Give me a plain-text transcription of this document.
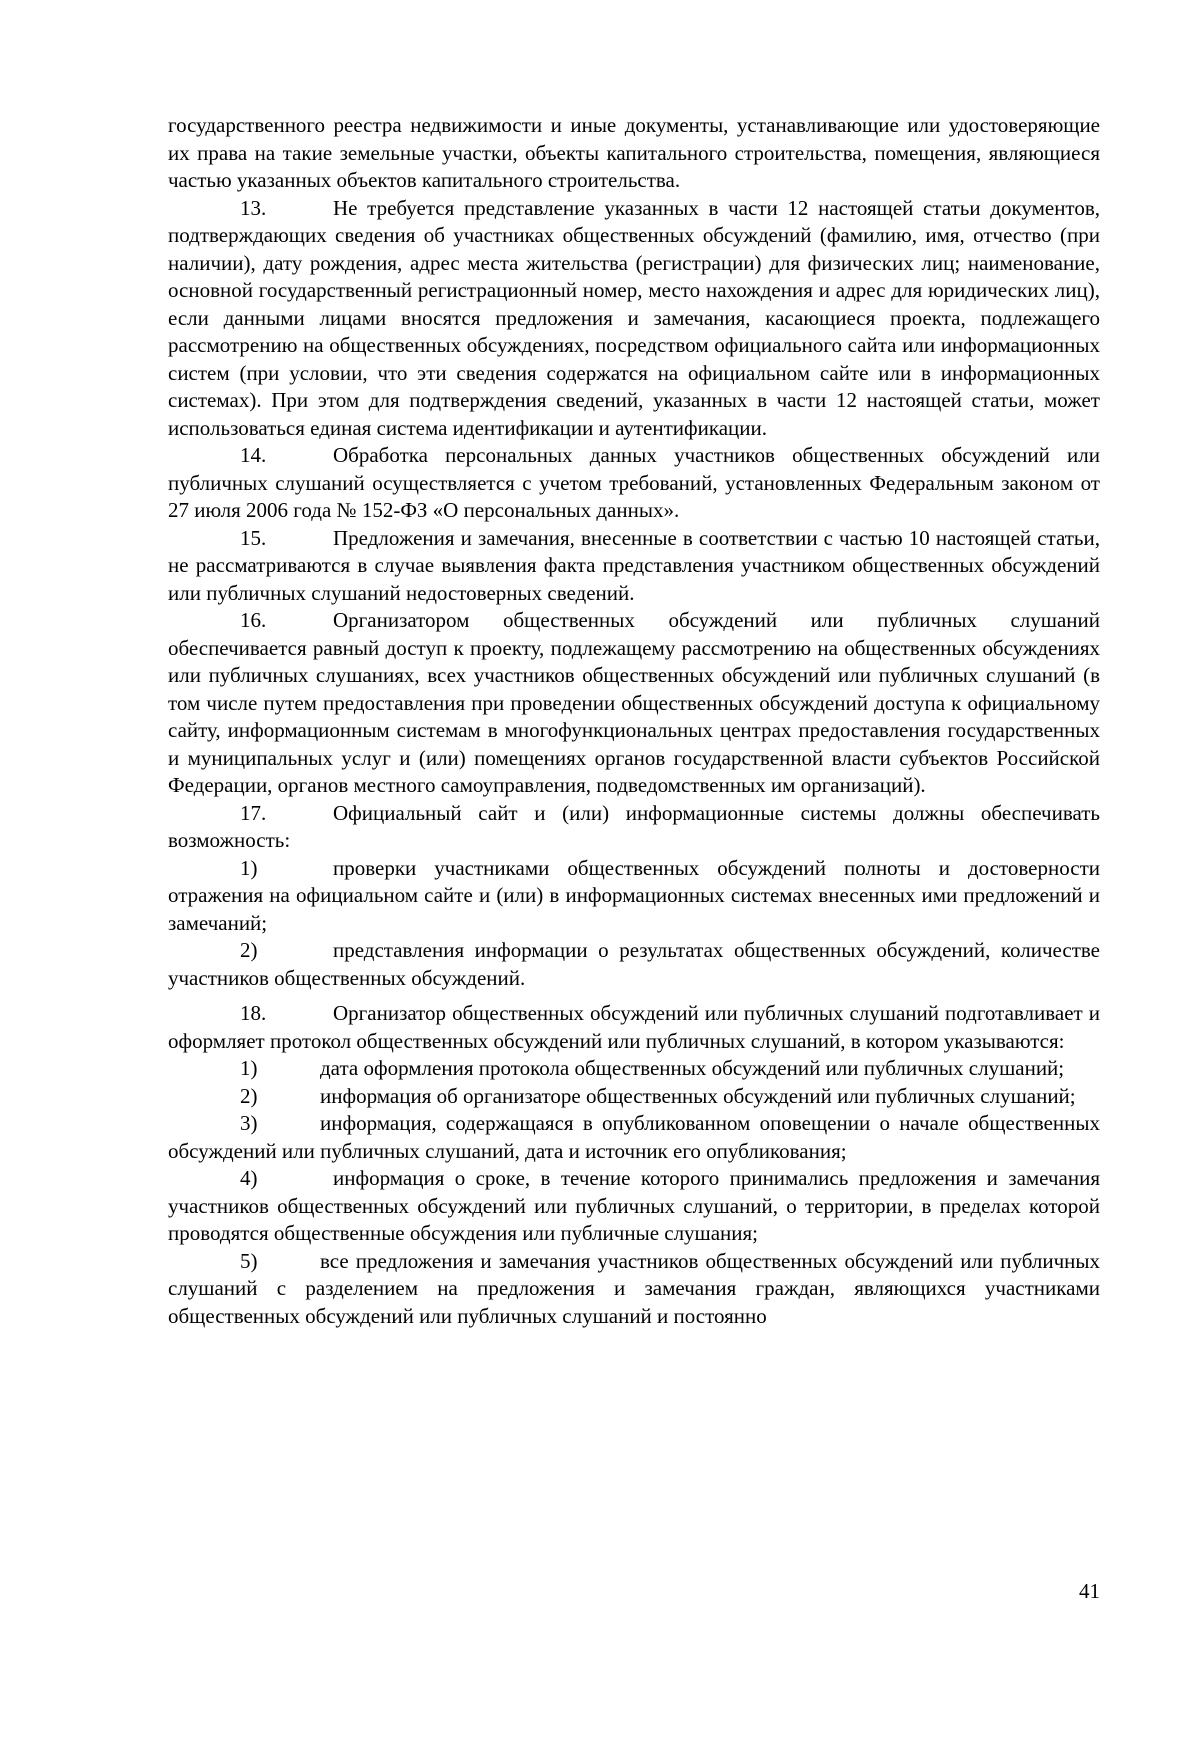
государственного реестра недвижимости и иные документы, устанавливающие или удостоверяющие их права на такие земельные участки, объекты капитального строительства, помещения, являющиеся частью указанных объектов капитального строительства.

13.	Не требуется представление указанных в части 12 настоящей статьи документов, подтверждающих сведения об участниках общественных обсуждений (фамилию, имя, отчество (при наличии), дату рождения, адрес места жительства (регистрации) для физических лиц; наименование, основной государственный регистрационный номер, место нахождения и адрес для юридических лиц), если данными лицами вносятся предложения и замечания, касающиеся проекта, подлежащего рассмотрению на общественных обсуждениях, посредством официального сайта или информационных систем (при условии, что эти сведения содержатся на официальном сайте или в информационных системах). При этом для подтверждения сведений, указанных в части 12 настоящей статьи, может использоваться единая система идентификации и аутентификации.

14.	Обработка персональных данных участников общественных обсуждений или публичных слушаний осуществляется с учетом требований, установленных Федеральным законом от 27 июля 2006 года № 152-ФЗ «О персональных данных».

15.	Предложения и замечания, внесенные в соответствии с частью 10 настоящей статьи, не рассматриваются в случае выявления факта представления участником общественных обсуждений или публичных слушаний недостоверных сведений.

16.	Организатором общественных обсуждений или публичных слушаний обеспечивается равный доступ к проекту, подлежащему рассмотрению на общественных обсуждениях или публичных слушаниях, всех участников общественных обсуждений или публичных слушаний (в том числе путем предоставления при проведении общественных обсуждений доступа к официальному сайту, информационным системам в многофункциональных центрах предоставления государственных и муниципальных услуг и (или) помещениях органов государственной власти субъектов Российской Федерации, органов местного самоуправления, подведомственных им организаций).

17.	Официальный сайт и (или) информационные системы должны обеспечивать возможность:

1)	проверки участниками общественных обсуждений полноты и достоверности отражения на официальном сайте и (или) в информационных системах внесенных ими предложений и замечаний;

2)	представления информации о результатах общественных обсуждений, количестве участников общественных обсуждений.

18.	Организатор общественных обсуждений или публичных слушаний подготавливает и оформляет протокол общественных обсуждений или публичных слушаний, в котором указываются:

1)	дата оформления протокола общественных обсуждений или публичных слушаний;

2)	информация об организаторе общественных обсуждений или публичных слушаний;

3)	информация, содержащаяся в опубликованном оповещении о начале общественных обсуждений или публичных слушаний, дата и источник его опубликования;

4)	информация о сроке, в течение которого принимались предложения и замечания участников общественных обсуждений или публичных слушаний, о территории, в пределах которой проводятся общественные обсуждения или публичные слушания;

5)	все предложения и замечания участников общественных обсуждений или публичных слушаний с разделением на предложения и замечания граждан, являющихся участниками общественных обсуждений или публичных слушаний и постоянно

41
